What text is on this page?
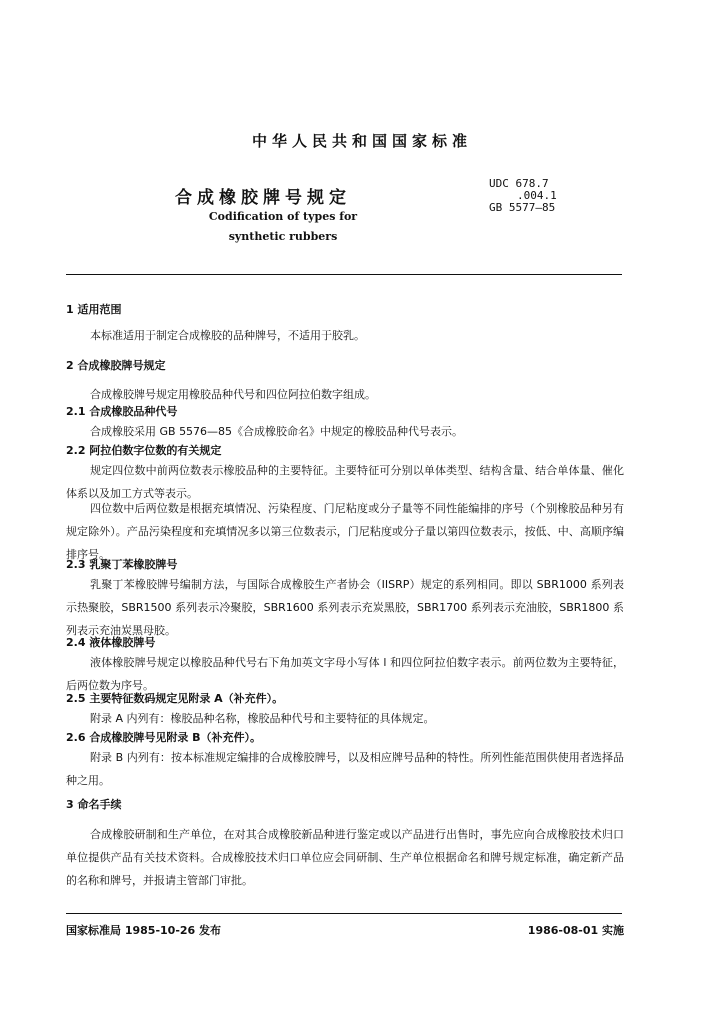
中华人民共和国国家标准
合成橡胶牌号规定
Codification of types for
synthetic rubbers
UDC 678.7
.004.1
GB 5577—85
1 适用范围
本标准适用于制定合成橡胶的品种牌号，不适用于胶乳。
2 合成橡胶牌号规定
合成橡胶牌号规定用橡胶品种代号和四位阿拉伯数字组成。
2.1 合成橡胶品种代号
合成橡胶采用 GB 5576—85《合成橡胶命名》中规定的橡胶品种代号表示。
2.2 阿拉伯数字位数的有关规定
规定四位数中前两位数表示橡胶品种的主要特征。主要特征可分别以单体类型、结构含量、结合单体量、催化体系以及加工方式等表示。
四位数中后两位数是根据充填情况、污染程度、门尼粘度或分子量等不同性能编排的序号（个别橡胶品种另有规定除外）。产品污染程度和充填情况多以第三位数表示，门尼粘度或分子量以第四位数表示，按低、中、高顺序编排序号。
2.3 乳聚丁苯橡胶牌号
乳聚丁苯橡胶牌号编制方法，与国际合成橡胶生产者协会（IISRP）规定的系列相同。即以 SBR1000 系列表示热聚胶，SBR1500 系列表示冷聚胶，SBR1600 系列表示充炭黑胶，SBR1700 系列表示充油胶，SBR1800 系列表示充油炭黑母胶。
2.4 液体橡胶牌号
液体橡胶牌号规定以橡胶品种代号右下角加英文字母小写体 l 和四位阿拉伯数字表示。前两位数为主要特征，后两位数为序号。
2.5 主要特征数码规定见附录 A（补充件）。
附录 A 内列有：橡胶品种名称，橡胶品种代号和主要特征的具体规定。
2.6 合成橡胶牌号见附录 B（补充件）。
附录 B 内列有：按本标准规定编排的合成橡胶牌号，以及相应牌号品种的特性。所列性能范围供使用者选择品种之用。
3 命名手续
合成橡胶研制和生产单位，在对其合成橡胶新品种进行鉴定或以产品进行出售时，事先应向合成橡胶技术归口单位提供产品有关技术资料。合成橡胶技术归口单位应会同研制、生产单位根据命名和牌号规定标准，确定新产品的名称和牌号，并报请主管部门审批。
国家标准局 1985-10-26 发布	1986-08-01 实施
